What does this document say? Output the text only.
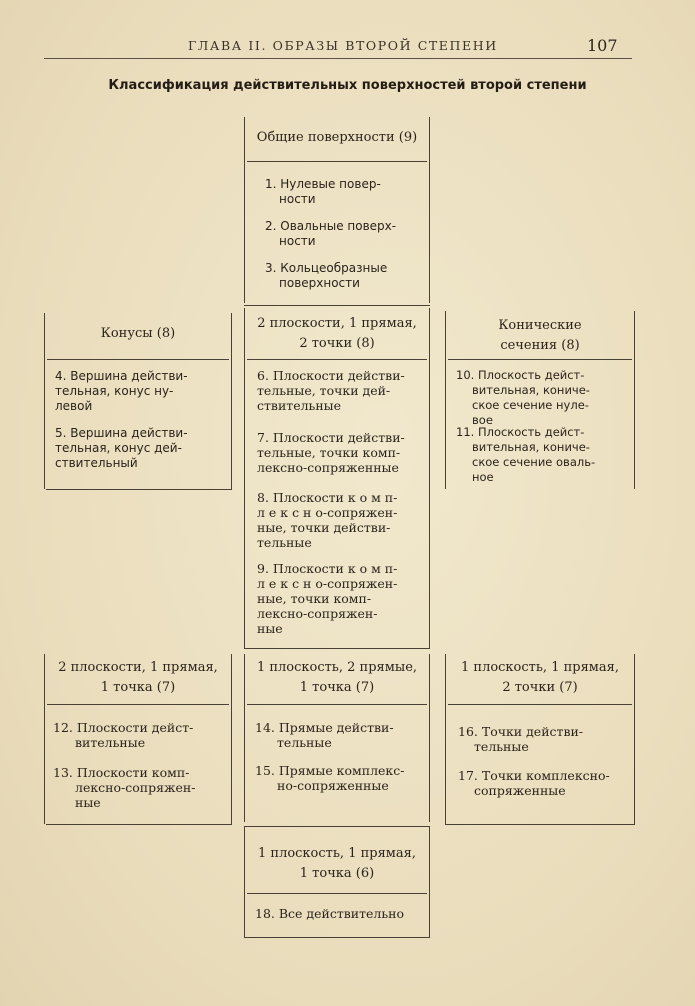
ГЛАВА II. ОБРАЗЫ ВТОРОЙ СТЕПЕНИ	107
Классификация действительных поверхностей второй степени
Конусы (8)
4. Вершина действи-
тельная, конус ну-
левой
5. Вершина действи-
тельная, конус дей-
ствительный
Общие поверхности (9)
1. Нулевые повер-
ности
2. Овальные поверх-
ности
3. Кольцеобразные
поверхности
2 плоскости, 1 прямая,
2 точки (8)
6. Плоскости действи-
тельные, точки дей-
ствительные
7. Плоскости действи-
тельные, точки комп-
лексно-сопряженные
8. Плоскости к о м п-
л е к с н о-сопряжен-
ные, точки действи-
тельные
9. Плоскости к о м п-
л е к с н о-сопряжен-
ные, точки комп-
лексно-сопряжен-
ные
Конические
сечения (8)
10. Плоскость дейст-
вительная, кониче-
ское сечение нуле-
вое
11. Плоскость дейст-
вительная, кониче-
ское сечение оваль-
ное
2 плоскости, 1 прямая,
1 точка (7)
12. Плоскости дейст-
вительные
13. Плоскости комп-
лексно-сопряжен-
ные
1 плоскость, 2 прямые,
1 точка (7)
14. Прямые действи-
тельные
15. Прямые комплекс-
но-сопряженные
1 плоскость, 1 прямая,
2 точки (7)
16. Точки действи-
тельные
17. Точки комплексно-
сопряженные
1 плоскость, 1 прямая,
1 точка (6)
18. Все действительно
